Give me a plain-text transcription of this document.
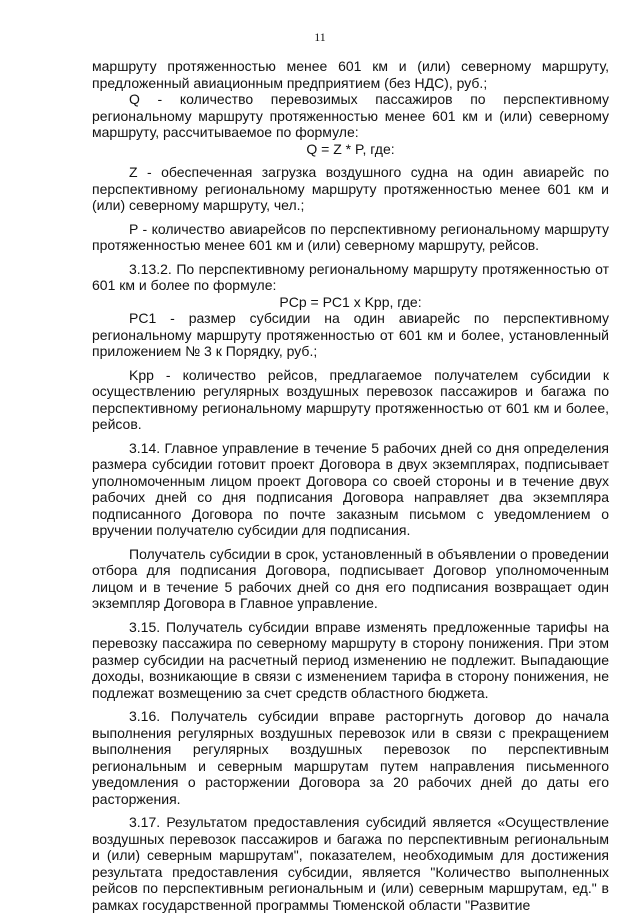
11

маршруту протяженностью менее 601 км и (или) северному маршруту, предложенный авиационным предприятием (без НДС), руб.;

Q - количество перевозимых пассажиров по перспективному региональному маршруту протяженностью менее 601 км и (или) северному маршруту, рассчитываемое по формуле:

Q = Z * P, где:

Z - обеспеченная загрузка воздушного судна на один авиарейс по перспективному региональному маршруту протяженностью менее 601 км и (или) северному маршруту, чел.;

P - количество авиарейсов по перспективному региональному маршруту протяженностью менее 601 км и (или) северному маршруту, рейсов.

3.13.2. По перспективному региональному маршруту протяженностью от 601 км и более по формуле:

PCp = PC1 x Kpp, где:

PC1 - размер субсидии на один авиарейс по перспективному региональному маршруту протяженностью от 601 км и более, установленный приложением № 3 к Порядку, руб.;

Kpp - количество рейсов, предлагаемое получателем субсидии к осуществлению регулярных воздушных перевозок пассажиров и багажа по перспективному региональному маршруту протяженностью от 601 км и более, рейсов.

3.14. Главное управление в течение 5 рабочих дней со дня определения размера субсидии готовит проект Договора в двух экземплярах, подписывает уполномоченным лицом проект Договора со своей стороны и в течение двух рабочих дней со дня подписания Договора направляет два экземпляра подписанного Договора по почте заказным письмом с уведомлением о вручении получателю субсидии для подписания.

Получатель субсидии в срок, установленный в объявлении о проведении отбора для подписания Договора, подписывает Договор уполномоченным лицом и в течение 5 рабочих дней со дня его подписания возвращает один экземпляр Договора в Главное управление.

3.15. Получатель субсидии вправе изменять предложенные тарифы на перевозку пассажира по северному маршруту в сторону понижения. При этом размер субсидии на расчетный период изменению не подлежит. Выпадающие доходы, возникающие в связи с изменением тарифа в сторону понижения, не подлежат возмещению за счет средств областного бюджета.

3.16. Получатель субсидии вправе расторгнуть договор до начала выполнения регулярных воздушных перевозок или в связи с прекращением выполнения регулярных воздушных перевозок по перспективным региональным и северным маршрутам путем направления письменного уведомления о расторжении Договора за 20 рабочих дней до даты его расторжения.

3.17. Результатом предоставления субсидий является «Осуществление воздушных перевозок пассажиров и багажа по перспективным региональным и (или) северным маршрутам", показателем, необходимым для достижения результата предоставления субсидии, является "Количество выполненных рейсов по перспективным региональным и (или) северным маршрутам, ед." в рамках государственной программы Тюменской области "Развитие
